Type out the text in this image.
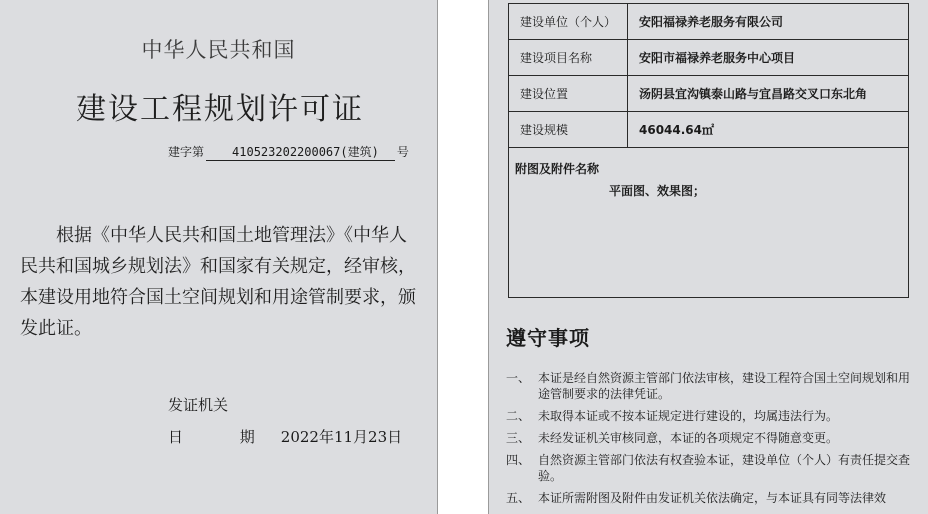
中华人民共和国
建设工程规划许可证
建字第 410523202200067(建筑) 号
根据《中华人民共和国土地管理法》《中华人民共和国城乡规划法》和国家有关规定，经审核，本建设用地符合国土空间规划和用途管制要求，颁发此证。
发证机关
日 期2022年11月23日
建设单位（个人）	安阳福禄养老服务有限公司
建设项目名称	安阳市福禄养老服务中心项目
建设位置	汤阴县宜沟镇泰山路与宜昌路交叉口东北角
建设规模	46044.64㎡
附图及附件名称
平面图、效果图；
遵守事项
一、 本证是经自然资源主管部门依法审核，建设工程符合国土空间规划和用途管制要求的法律凭证。
二、 未取得本证或不按本证规定进行建设的，均属违法行为。
三、 未经发证机关审核同意，本证的各项规定不得随意变更。
四、 自然资源主管部门依法有权查验本证，建设单位（个人）有责任提交查验。
五、 本证所需附图及附件由发证机关依法确定，与本证具有同等法律效
